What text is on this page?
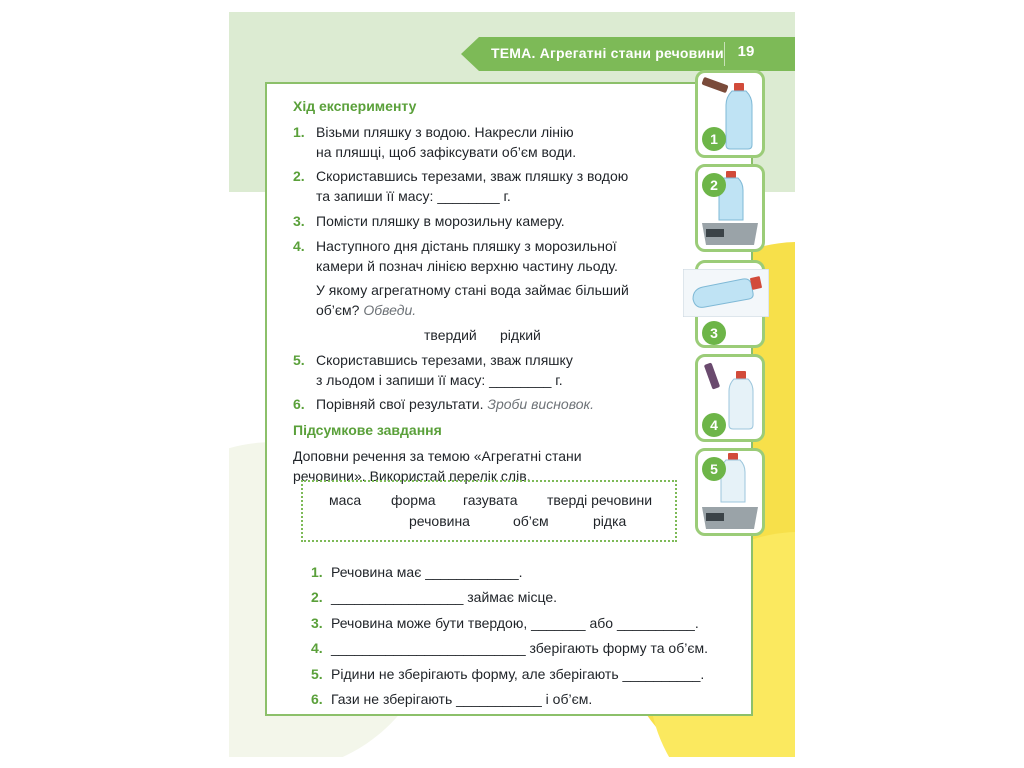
ТЕМА. Агрегатні стани речовини 19
Хід експерименту
1. Візьми пляшку з водою. Накресли лінію
на пляшці, щоб зафіксувати об’єм води.
2. Скориставшись терезами, зваж пляшку з водою
та запиши її масу: ________ г.
3. Помісти пляшку в морозильну камеру.
4. Наступного дня дістань пляшку з морозильної
камери й познач лінією верхню частину льоду.
У якому агрегатному стані вода займає більший
об’єм? Обведи.
твердий рідкий
5. Скориставшись терезами, зваж пляшку
з льодом і запиши її масу: ________ г.
6. Порівняй свої результати. Зроби висновок.
Підсумкове завдання
Доповни речення за темою «Агрегатні стани
речовини». Використай перелік слів.
маса форма газувата тверді речовини
речовина	об’єм	рідка
1. Речовина має ____________.
2. _________________ займає місце.
3. Речовина може бути твердою, _______ або __________.
4. _________________________ зберігають форму та об’єм.
5. Рідини не зберігають форму, але зберігають __________.
6. Гази не зберігають ___________ і об’єм.
1
2
3
4
5
